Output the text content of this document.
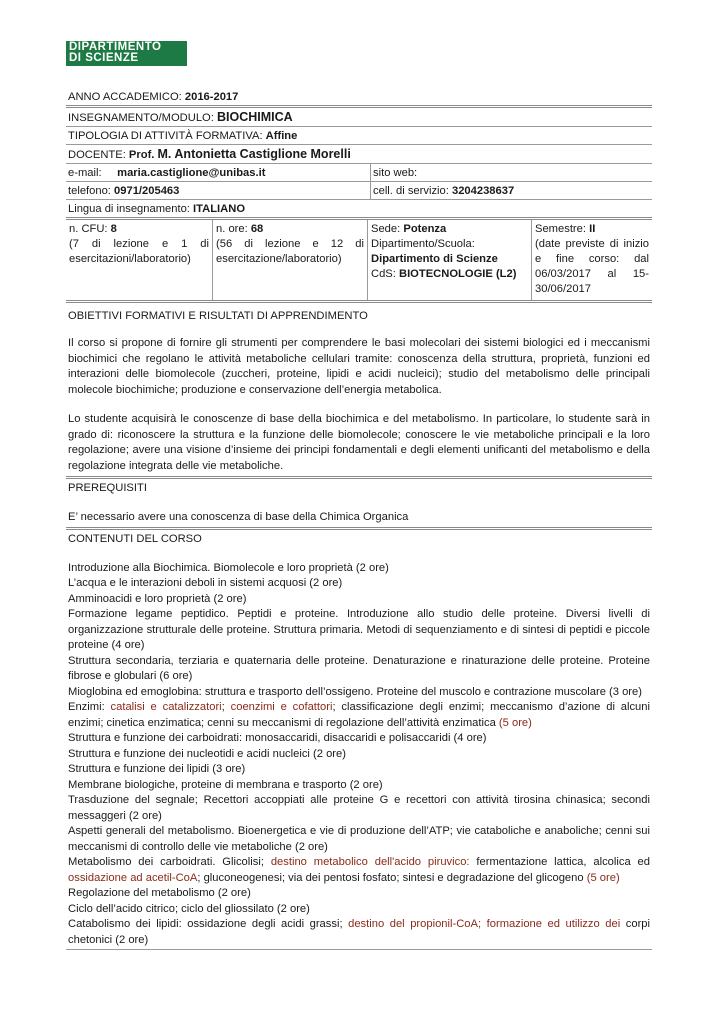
DIPARTIMENTO
DI SCIENZE
ANNO ACCADEMICO: 2016-2017
INSEGNAMENTO/MODULO: BIOCHIMICA
TIPOLOGIA DI ATTIVITÀ FORMATIVA: Affine
DOCENTE: Prof. M. Antonietta Castiglione Morelli
e-mail: maria.castiglione@unibas.it	sito web:
telefono: 0971/205463	cell. di servizio: 3204238637
Lingua di insegnamento: ITALIANO
n. CFU: 8
(7 di lezione e 1 di esercitazioni/laboratorio)
n. ore: 68
(56 di lezione e 12 di esercitazione/laboratorio)
Sede: Potenza
Dipartimento/Scuola:
Dipartimento di Scienze
CdS: BIOTECNOLOGIE (L2)
Semestre: II
(date previste di inizio e fine corso: dal 06/03/2017 al 15-30/06/2017
OBIETTIVI FORMATIVI E RISULTATI DI APPRENDIMENTO
Il corso si propone di fornire gli strumenti per comprendere le basi molecolari dei sistemi biologici ed i meccanismi biochimici che regolano le attività metaboliche cellulari tramite: conoscenza della struttura, proprietà, funzioni ed interazioni delle biomolecole (zuccheri, proteine, lipidi e acidi nucleici); studio del metabolismo delle principali molecole biochimiche; produzione e conservazione dell’energia metabolica.
Lo studente acquisirà le conoscenze di base della biochimica e del metabolismo. In particolare, lo studente sarà in grado di: riconoscere la struttura e la funzione delle biomolecole; conoscere le vie metaboliche principali e la loro regolazione; avere una visione d’insieme dei principi fondamentali e degli elementi unificanti del metabolismo e della regolazione integrata delle vie metaboliche.
PREREQUISITI
E’ necessario avere una conoscenza di base della Chimica Organica
CONTENUTI DEL CORSO

Introduzione alla Biochimica. Biomolecole e loro proprietà (2 ore)

L’acqua e le interazioni deboli in sistemi acquosi (2 ore)

Amminoacidi e loro proprietà (2 ore)

Formazione legame peptidico. Peptidi e proteine. Introduzione allo studio delle proteine. Diversi livelli di organizzazione strutturale delle proteine. Struttura primaria. Metodi di sequenziamento e di sintesi di peptidi e piccole proteine (4 ore)

Struttura secondaria, terziaria e quaternaria delle proteine. Denaturazione e rinaturazione delle proteine. Proteine fibrose e globulari (6 ore)

Mioglobina ed emoglobina: struttura e trasporto dell’ossigeno. Proteine del muscolo e contrazione muscolare (3 ore)

Enzimi: catalisi e catalizzatori; coenzimi e cofattori; classificazione degli enzimi; meccanismo d’azione di alcuni enzimi; cinetica enzimatica; cenni su meccanismi di regolazione dell’attività enzimatica (5 ore)

Struttura e funzione dei carboidrati: monosaccaridi, disaccaridi e polisaccaridi (4 ore)

Struttura e funzione dei nucleotidi e acidi nucleici (2 ore)

Struttura e funzione dei lipidi (3 ore)

Membrane biologiche, proteine di membrana e trasporto (2 ore)

Trasduzione del segnale; Recettori accoppiati alle proteine G e recettori con attività tirosina chinasica; secondi messaggeri (2 ore)

Aspetti generali del metabolismo. Bioenergetica e vie di produzione dell’ATP; vie cataboliche e anaboliche; cenni sui meccanismi di controllo delle vie metaboliche (2 ore)

Metabolismo dei carboidrati. Glicolisi; destino metabolico dell'acido piruvico: fermentazione lattica, alcolica ed ossidazione ad acetil-CoA; gluconeogenesi; via dei pentosi fosfato; sintesi e degradazione del glicogeno (5 ore)

Regolazione del metabolismo (2 ore)

Ciclo dell’acido citrico; ciclo del gliossilato (2 ore)

Catabolismo dei lipidi: ossidazione degli acidi grassi; destino del propionil-CoA; formazione ed utilizzo dei corpi chetonici (2 ore)
